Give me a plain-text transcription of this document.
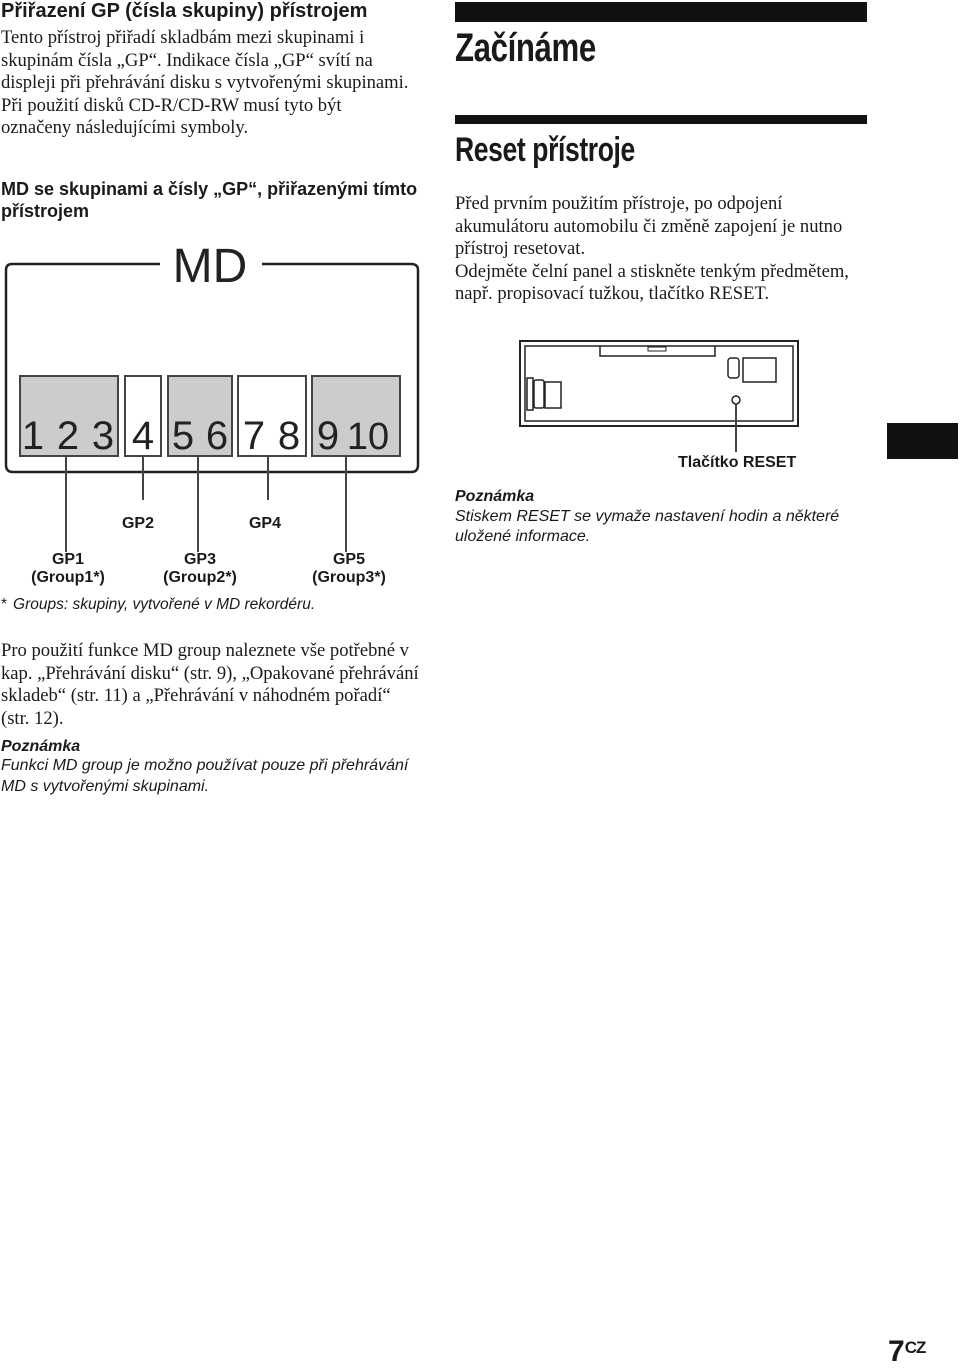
Přiřazení GP (čísla skupiny) přístrojem
Tento přístroj přiřadí skladbám mezi skupinami i skupinám čísla „GP“. Indikace čísla „GP“ svítí na displeji při přehrávání disku s vytvořenými skupinami.
Při použití disků CD-R/CD-RW musí tyto být označeny následujícími symboly.
MD se skupinami a čísly „GP“, přiřazenými tímto přístrojem
MD
1 2 3 4 5 6 7 8 9 10
GP1
(Group1*)
GP2
GP3
(Group2*)
GP4
GP5
(Group3*)
* Groups: skupiny, vytvořené v MD rekordéru.
Pro použití funkce MD group naleznete vše potřebné v kap. „Přehrávání disku“ (str. 9), „Opakované přehrávání skladeb“ (str. 11) a „Přehrávání v náhodném pořadí“ (str. 12).
Poznámka
Funkci MD group je možno používat pouze při přehrávání MD s vytvořenými skupinami.
Začínáme
Reset přístroje
Před prvním použitím přístroje, po odpojení akumulátoru automobilu či změně zapojení je nutno přístroj resetovat.
Odejměte čelní panel a stiskněte tenkým předmětem, např. propisovací tužkou, tlačítko RESET.
Tlačítko RESET
Poznámka
Stiskem RESET se vymaže nastavení hodin a některé uložené informace.
$7^{CZ}$
